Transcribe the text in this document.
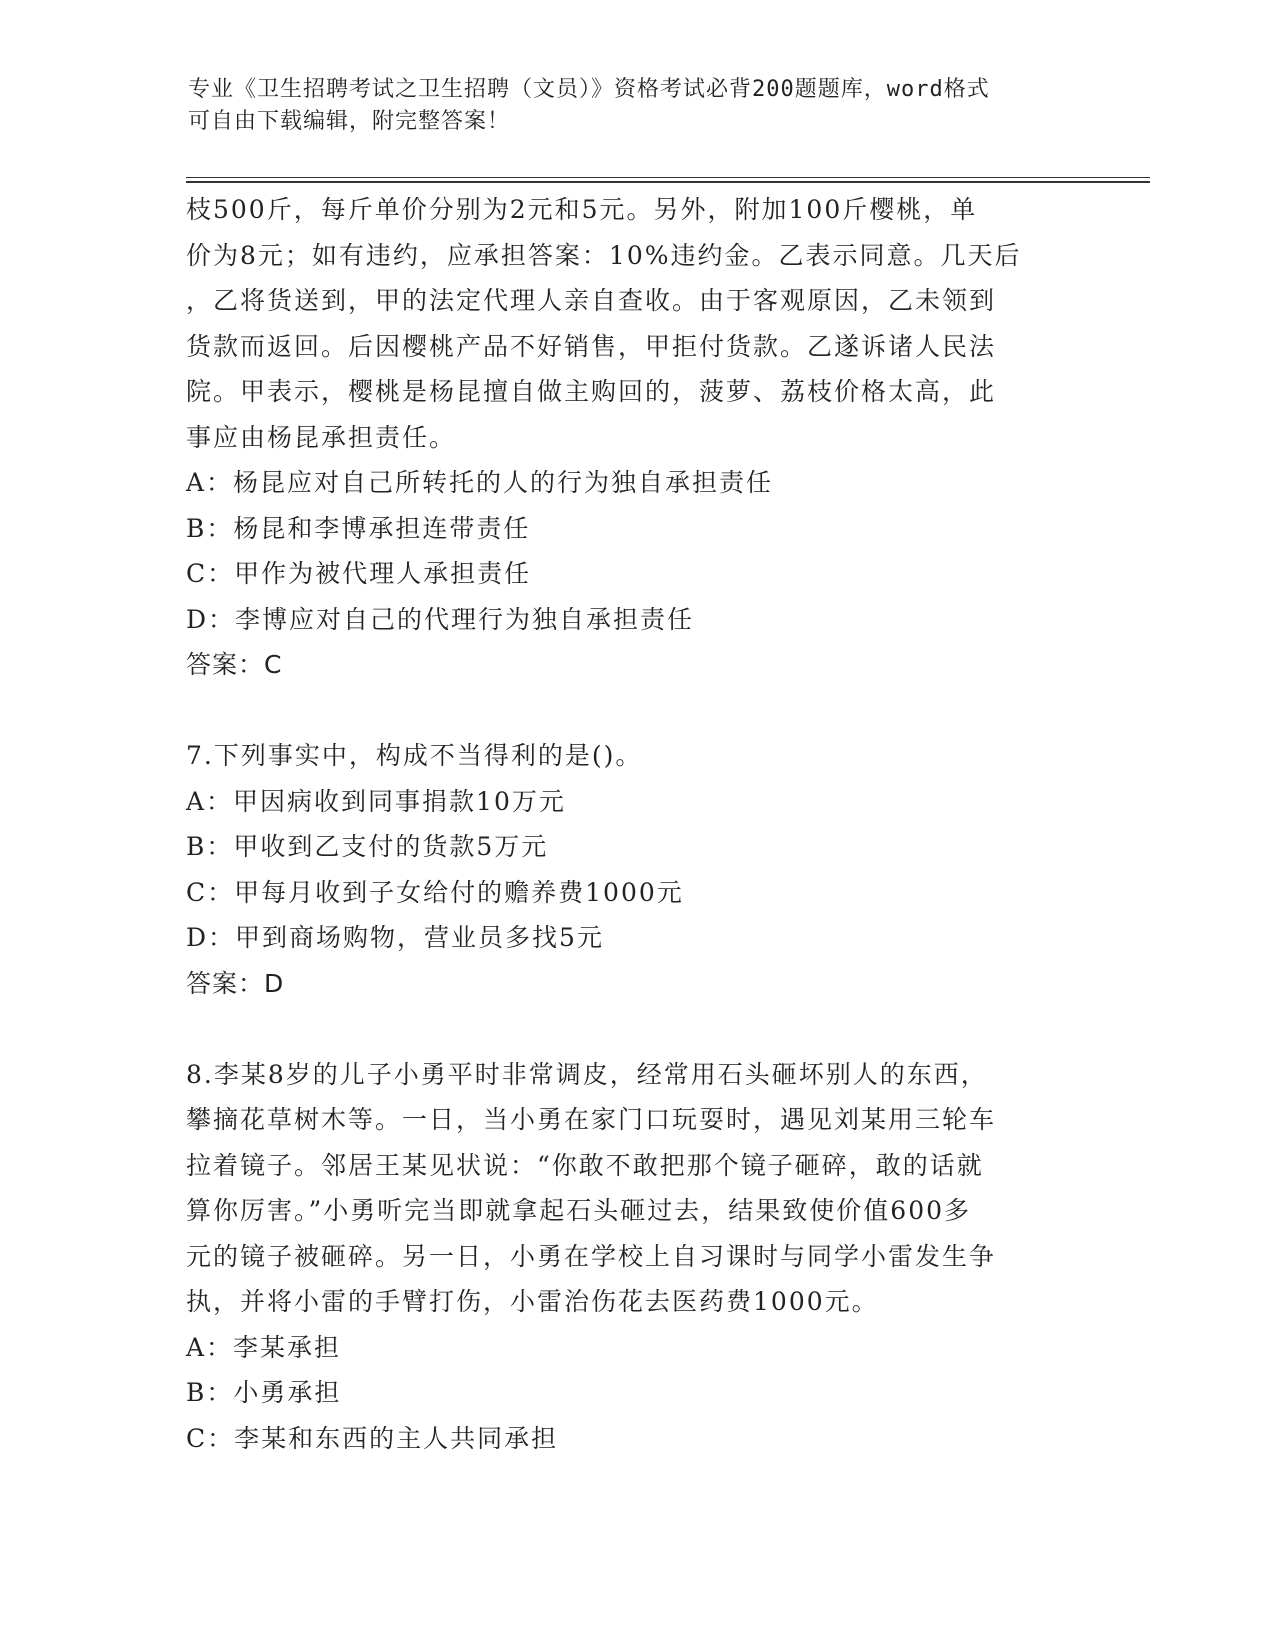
专业《卫生招聘考试之卫生招聘（文员）》资格考试必背200题题库，word格式
可自由下载编辑，附完整答案！
枝500斤，每斤单价分别为2元和5元。另外，附加100斤樱桃，单
价为8元；如有违约，应承担答案：10%违约金。乙表示同意。几天后
，乙将货送到，甲的法定代理人亲自查收。由于客观原因，乙未领到
货款而返回。后因樱桃产品不好销售，甲拒付货款。乙遂诉诸人民法
院。甲表示，樱桃是杨昆擅自做主购回的，菠萝、荔枝价格太高，此
事应由杨昆承担责任。
A：杨昆应对自己所转托的人的行为独自承担责任
B：杨昆和李博承担连带责任
C：甲作为被代理人承担责任
D：李博应对自己的代理行为独自承担责任
答案：C
7.下列事实中，构成不当得利的是()。
A：甲因病收到同事捐款10万元
B：甲收到乙支付的货款5万元
C：甲每月收到子女给付的赡养费1000元
D：甲到商场购物，营业员多找5元
答案：D
8.李某8岁的儿子小勇平时非常调皮，经常用石头砸坏别人的东西，
攀摘花草树木等。一日，当小勇在家门口玩耍时，遇见刘某用三轮车
拉着镜子。邻居王某见状说：“你敢不敢把那个镜子砸碎，敢的话就
算你厉害。”小勇听完当即就拿起石头砸过去，结果致使价值600多
元的镜子被砸碎。另一日，小勇在学校上自习课时与同学小雷发生争
执，并将小雷的手臂打伤，小雷治伤花去医药费1000元。
A：李某承担
B：小勇承担
C：李某和东西的主人共同承担
